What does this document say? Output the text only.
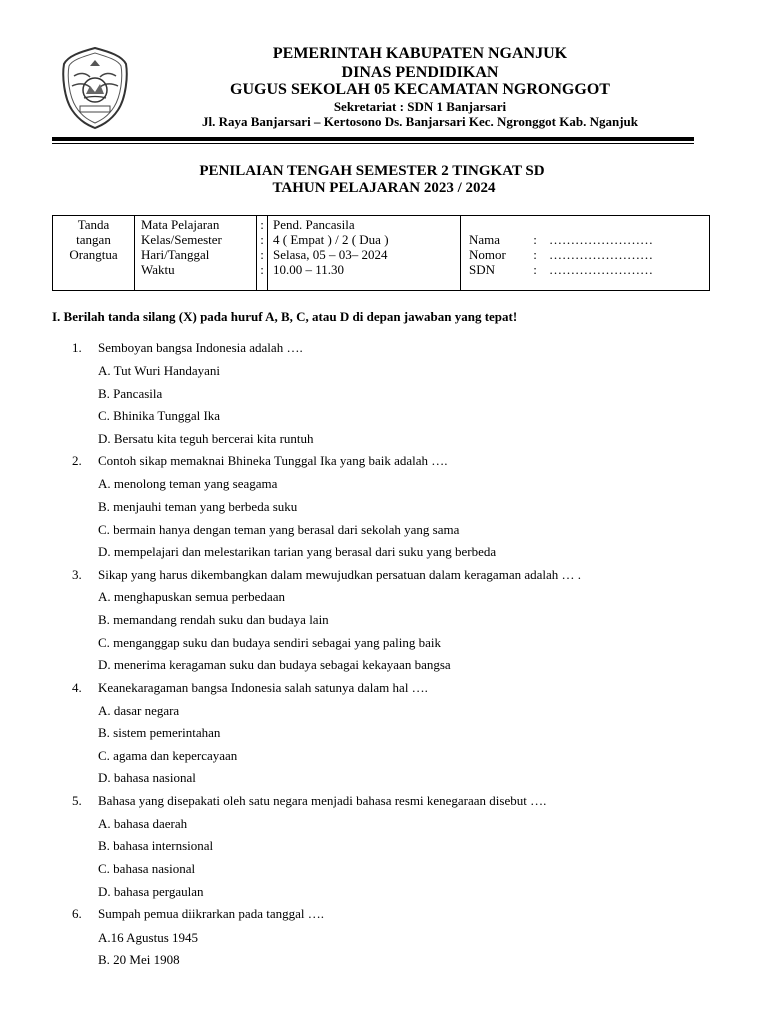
PEMERINTAH KABUPATEN NGANJUK
DINAS PENDIDIKAN
GUGUS SEKOLAH 05 KECAMATAN NGRONGGOT
Sekretariat : SDN 1 Banjarsari
Jl. Raya Banjarsari – Kertosono Ds. Banjarsari Kec. Ngronggot Kab. Nganjuk
PENILAIAN TENGAH SEMESTER 2 TINGKAT SD
TAHUN PELAJARAN 2023 / 2024
Tanda
tangan
Orangtua
Mata Pelajaran
Kelas/Semester
Hari/Tanggal
Waktu
:
:
:
:
Pend. Pancasila
4 ( Empat ) / 2 ( Dua )
Selasa, 05 – 03– 2024
10.00 – 11.30
Nama
Nomor
SDN
:
:
:
……………………
……………………
……………………
I. Berilah tanda silang (X) pada huruf A, B, C, atau D di depan jawaban yang tepat!
1. Semboyan bangsa Indonesia adalah ….
A. Tut Wuri Handayani
B. Pancasila
C. Bhinika Tunggal Ika
D. Bersatu kita teguh bercerai kita runtuh
2. Contoh sikap memaknai Bhineka Tunggal Ika yang baik adalah ….
A. menolong teman yang seagama
B. menjauhi teman yang berbeda suku
C. bermain hanya dengan teman yang berasal dari sekolah yang sama
D. mempelajari dan melestarikan tarian yang berasal dari suku yang berbeda
3. Sikap yang harus dikembangkan dalam mewujudkan persatuan dalam keragaman adalah … .
A. menghapuskan semua perbedaan
B. memandang rendah suku dan budaya lain
C. menganggap suku dan budaya sendiri sebagai yang paling baik
D. menerima keragaman suku dan budaya sebagai kekayaan bangsa
4. Keanekaragaman bangsa Indonesia salah satunya dalam hal ….
A. dasar negara
B. sistem pemerintahan
C. agama dan kepercayaan
D. bahasa nasional
5. Bahasa yang disepakati oleh satu negara menjadi bahasa resmi kenegaraan disebut ….
A. bahasa daerah
B. bahasa internsional
C. bahasa nasional
D. bahasa pergaulan
6. Sumpah pemua diikrarkan pada tanggal ….
A.16 Agustus 1945
B. 20 Mei 1908
